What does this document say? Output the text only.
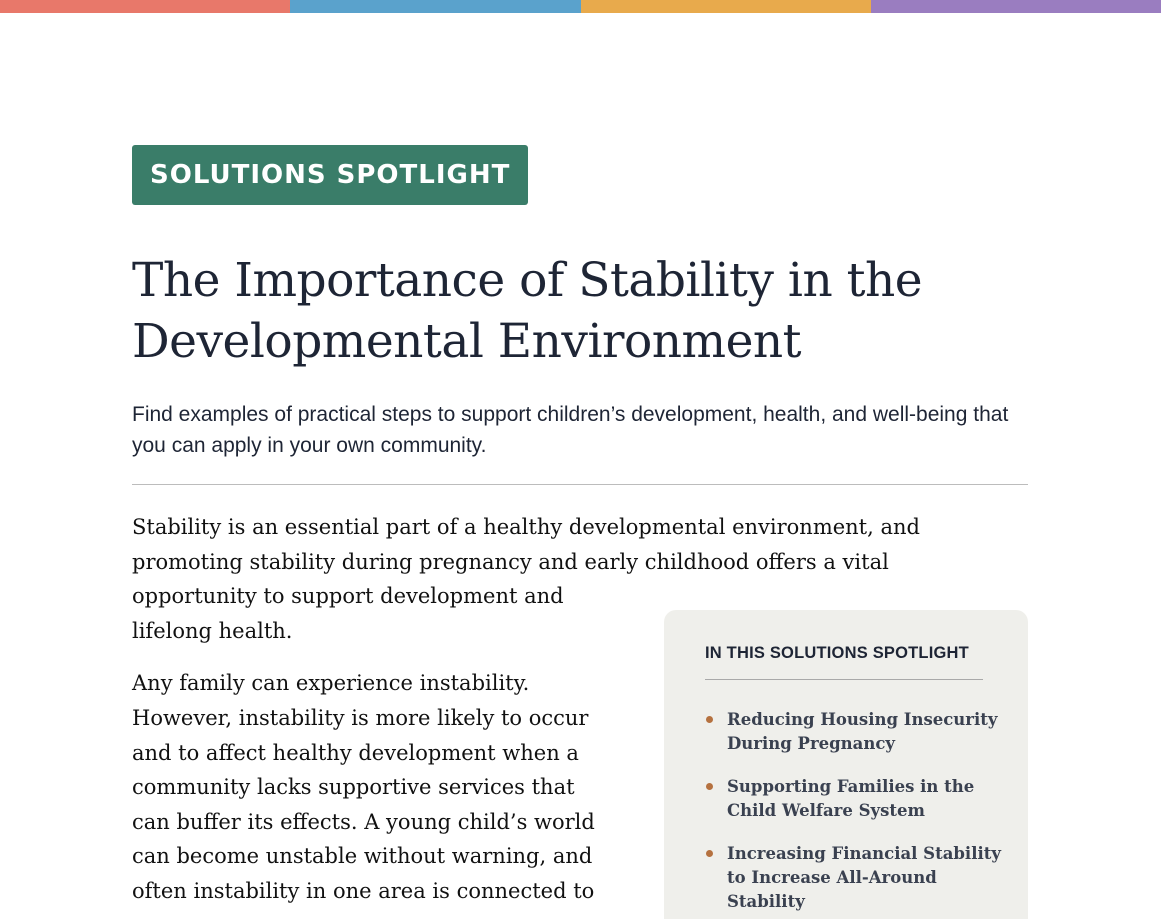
SOLUTIONS SPOTLIGHT
The Importance of Stability in the
Developmental Environment

Find examples of practical steps to support children’s development, health, and well-being that you can apply in your own community.

Stability is an essential part of a healthy developmental environment, and
promoting stability during pregnancy and early childhood offers a vital
opportunity to support development and
lifelong health.

Any family can experience instability.
However, instability is more likely to occur
and to affect healthy development when a
community lacks supportive services that
can buffer its effects. A young child’s world
can become unstable without warning, and
often instability in one area is connected to

IN THIS SOLUTIONS SPOTLIGHT
Reducing Housing Insecurity
During Pregnancy
Supporting Families in the
Child Welfare System
Increasing Financial Stability
to Increase All-Around
Stability
